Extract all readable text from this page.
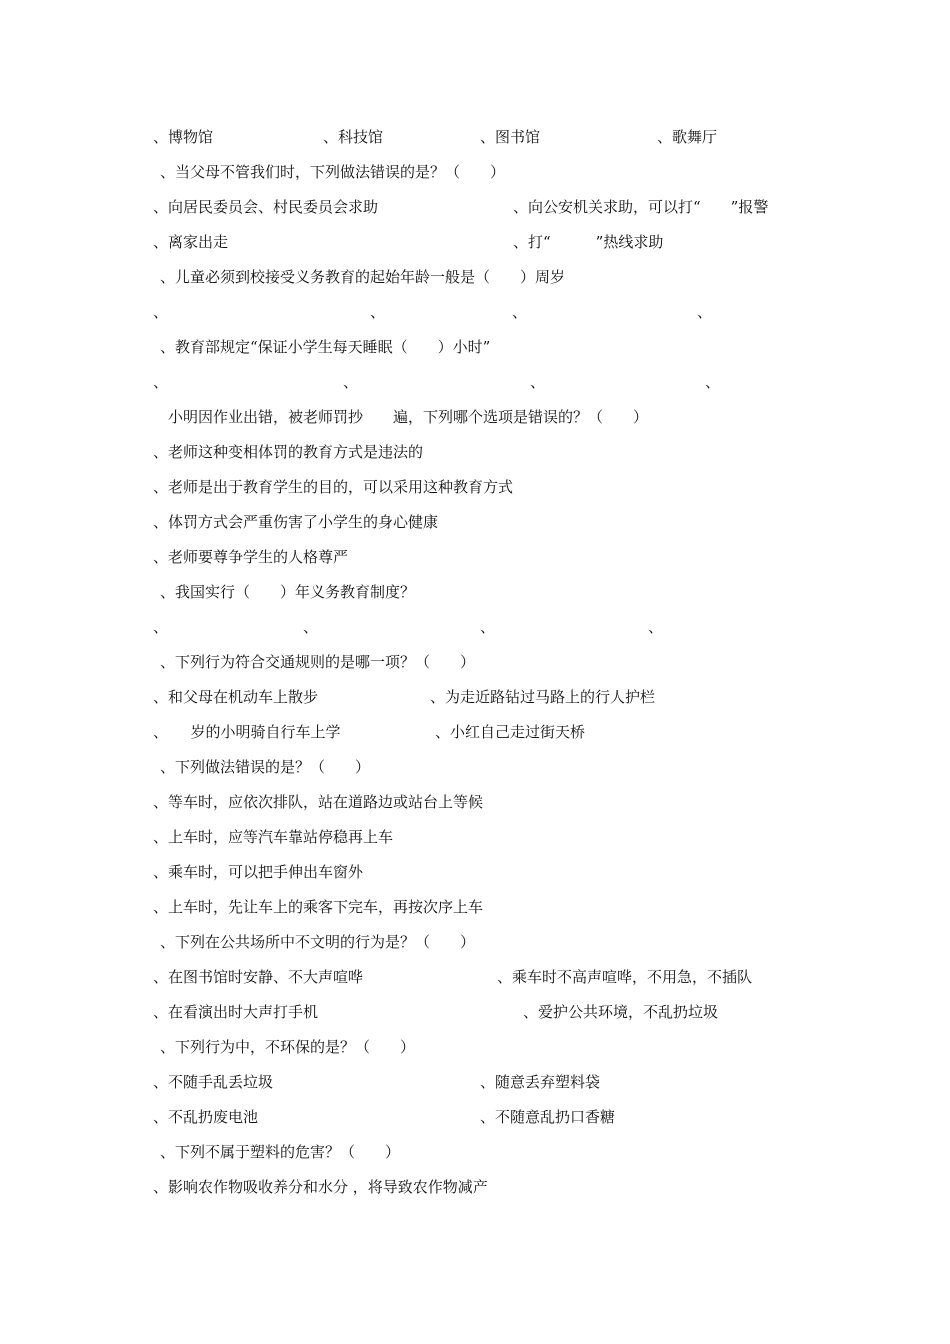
、博物馆	、科技馆	、图书馆	、歌舞厅
、当父母不管我们时，下列做法错误的是？（　　）
、向居民委员会、村民委员会求助	、向公安机关求助，可以打“　　”报警
、离家出走	、打“　　　”热线求助
、儿童必须到校接受义务教育的起始年龄一般是（　　）周岁
、	、	、	、
、教育部规定“保证小学生每天睡眠（　　）小时”
、	、	、	、
小明因作业出错，被老师罚抄　　遍，下列哪个选项是错误的？（　　）
、老师这种变相体罚的教育方式是违法的
、老师是出于教育学生的目的，可以采用这种教育方式
、体罚方式会严重伤害了小学生的身心健康
、老师要尊争学生的人格尊严
、我国实行（　　）年义务教育制度？
、	、	、	、
、下列行为符合交通规则的是哪一项？（　　）
、和父母在机动车上散步	、为走近路钻过马路上的行人护栏
、　　岁的小明骑自行车上学	、小红自己走过街天桥
、下列做法错误的是？（　　）
、等车时，应依次排队，站在道路边或站台上等候
、上车时，应等汽车靠站停稳再上车
、乘车时，可以把手伸出车窗外
、上车时，先让车上的乘客下完车，再按次序上车
、下列在公共场所中不文明的行为是？（　　）
、在图书馆时安静、不大声喧哗	、乘车时不高声喧哗，不用急，不插队
、在看演出时大声打手机	、爱护公共环境，不乱扔垃圾
、下列行为中，不环保的是？（　　）
、不随手乱丢垃圾	、随意丢弃塑料袋
、不乱扔废电池	、不随意乱扔口香糖
、下列不属于塑料的危害？（　　）
、影响农作物吸收养分和水分 ，将导致农作物减产
